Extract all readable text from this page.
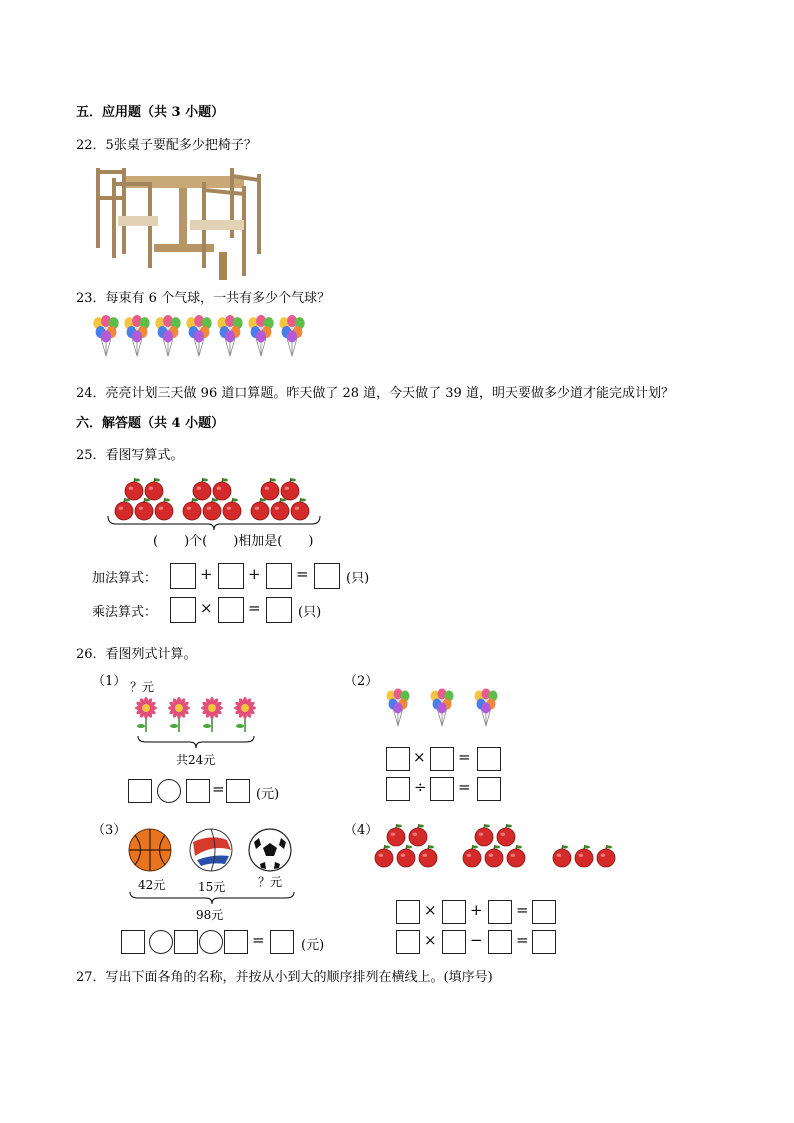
五．应用题（共 3 小题）
22．5张桌子要配多少把椅子？
23．每束有 6 个气球，一共有多少个气球？
24．亮亮计划三天做 96 道口算题。昨天做了 28 道，今天做了 39 道，明天要做多少道才能完成计划？
六．解答题（共 4 小题）
25．看图写算式。
(　　)个(　　)相加是(　　)
加法算式：	+ + =	(只)
乘法算式：	× =	(只)
26．看图列式计算。
（1） ？元
共24元
= (元)
（2）
× =
÷ =
（3）
42元	15元	？元
98元
=	(元)
（4）
× + =
× − =
27．写出下面各角的名称，并按从小到大的顺序排列在横线上。(填序号)
